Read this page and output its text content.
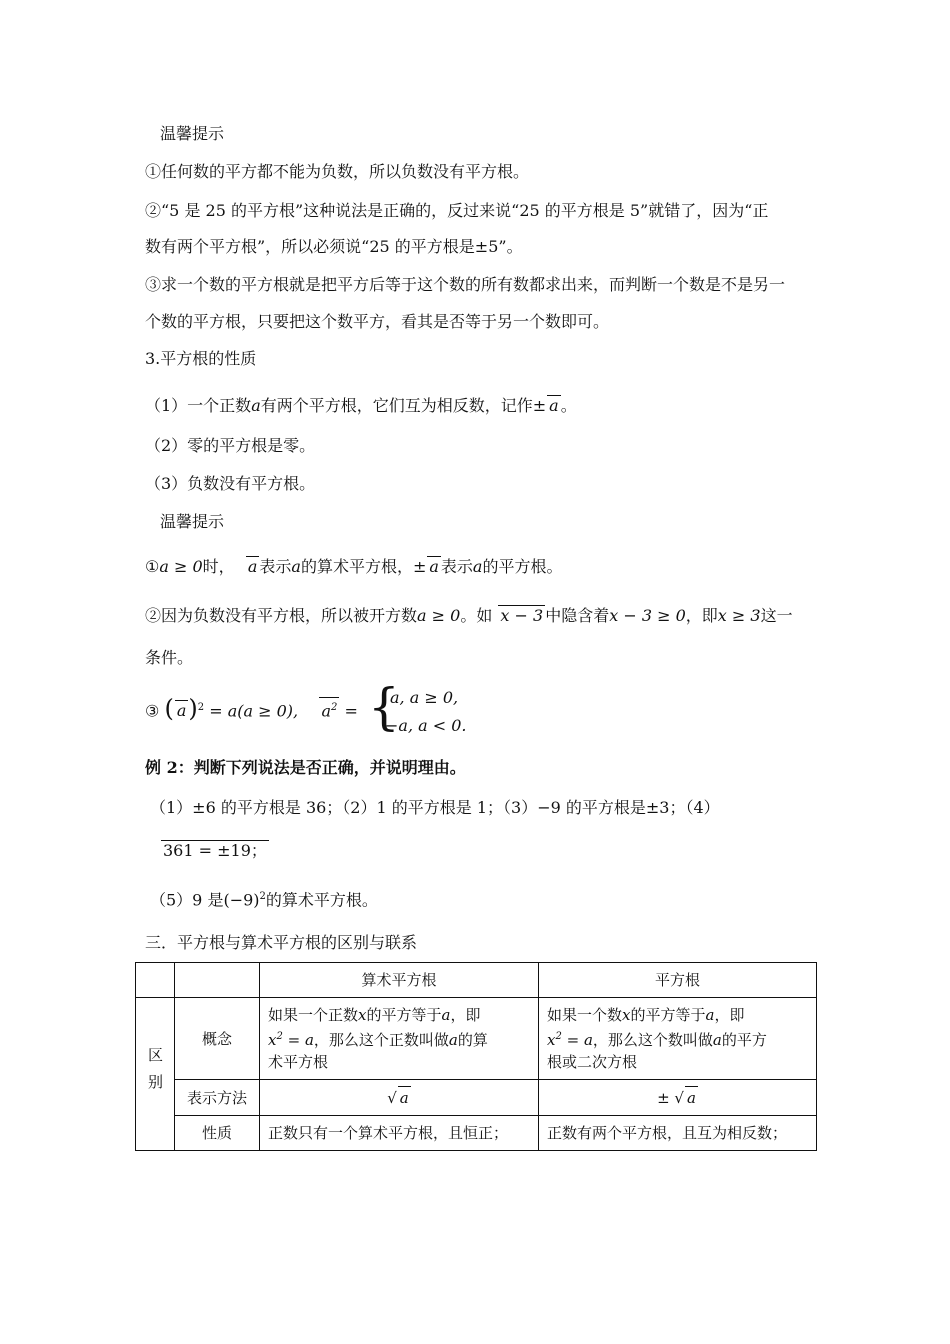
温馨提示
①任何数的平方都不能为负数，所以负数没有平方根。
②“5 是 25 的平方根”这种说法是正确的，反过来说“25 的平方根是 5”就错了，因为“正
数有两个平方根”，所以必须说“25 的平方根是±5”。
③求一个数的平方根就是把平方后等于这个数的所有数都求出来，而判断一个数是不是另一
个数的平方根，只要把这个数平方，看其是否等于另一个数即可。
3.平方根的性质
（1）一个正数a有两个平方根，它们互为相反数，记作± a 。
（2）零的平方根是零。
（3）负数没有平方根。
温馨提示
①a ≥ 0时， a 表示a的算术平方根，± a 表示a的平方根。
②因为负数没有平方根，所以被开方数a ≥ 0。如 x − 3 中隐含着x − 3 ≥ 0，即x ≥ 3这一
条件。
③ ( a)$^2$ = a(a ≥ 0), $a^2$ = {
a, a ≥ 0,
−a, a < 0.
例 2：判断下列说法是否正确，并说明理由。
（1）±6 的平方根是 36；（2）1 的平方根是 1；（3）−9 的平方根是±3；（4）
361 = ±19；
（5）9 是$(-9)^2$的算术平方根。
三．平方根与算术平方根的区别与联系
		算术平方根	平方根
区别	概念	如果一个正数x的平方等于a，即
$x^2 = a$，那么这个正数叫做a的算
术平方根	如果一个数x的平方等于a，即
$x^2 = a$，那么这个数叫做a的平方
根或二次方根
	表示方法	√ a	± √ a
	性质	正数只有一个算术平方根，且恒正；	正数有两个平方根，且互为相反数；
